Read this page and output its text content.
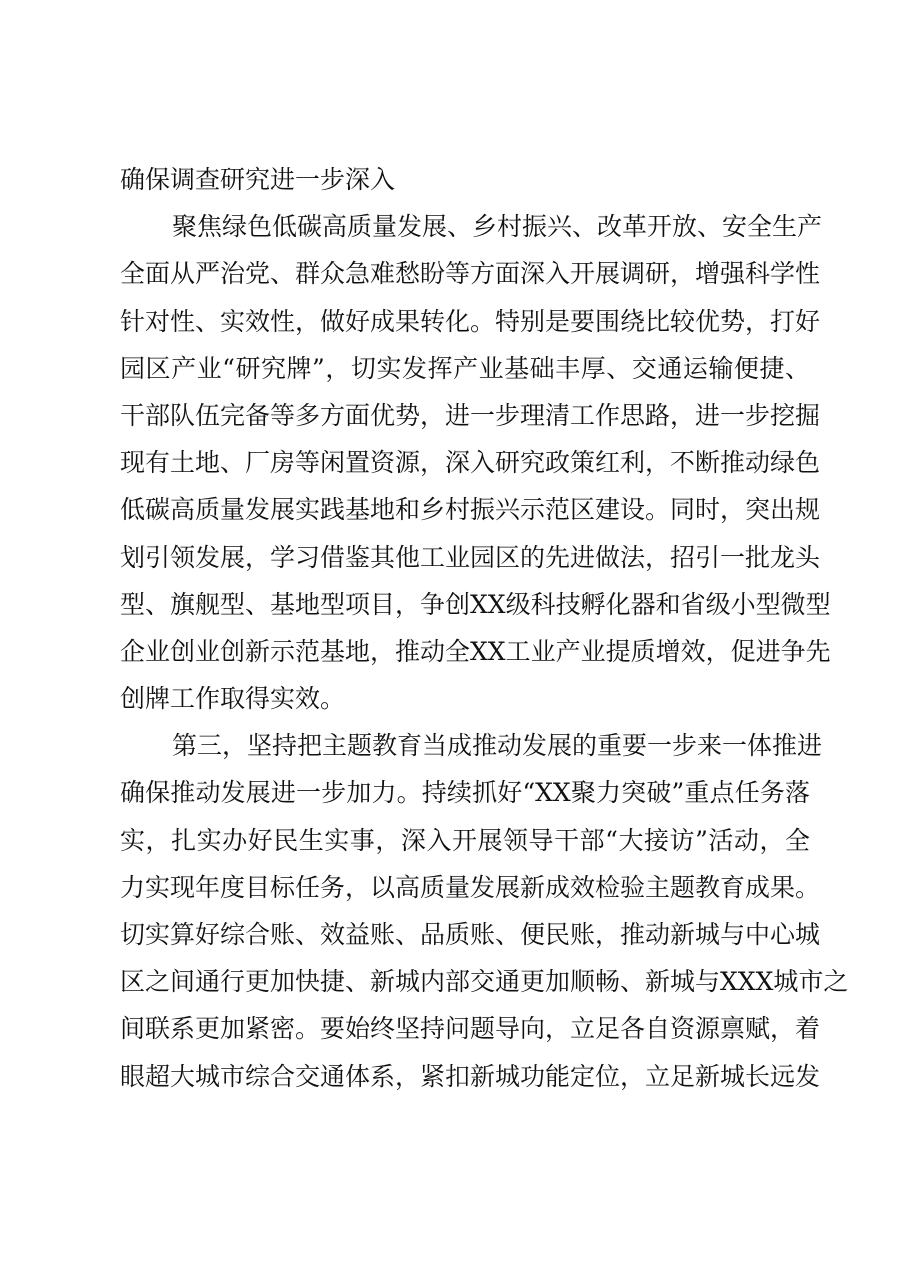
确保调查研究进一步深入
聚焦绿色低碳高质量发展、乡村振兴、改革开放、安全生产
全面从严治党、群众急难愁盼等方面深入开展调研，增强科学性
针对性、实效性，做好成果转化。特别是要围绕比较优势，打好
园区产业“研究牌”，切实发挥产业基础丰厚、交通运输便捷、
干部队伍完备等多方面优势，进一步理清工作思路，进一步挖掘
现有土地、厂房等闲置资源，深入研究政策红利，不断推动绿色
低碳高质量发展实践基地和乡村振兴示范区建设。同时，突出规
划引领发展，学习借鉴其他工业园区的先进做法，招引一批龙头
型、旗舰型、基地型项目，争创XX级科技孵化器和省级小型微型
企业创业创新示范基地，推动全XX工业产业提质增效，促进争先
创牌工作取得实效。
第三，坚持把主题教育当成推动发展的重要一步来一体推进
确保推动发展进一步加力。持续抓好“XX聚力突破”重点任务落
实，扎实办好民生实事，深入开展领导干部“大接访”活动，全
力实现年度目标任务，以高质量发展新成效检验主题教育成果。
切实算好综合账、效益账、品质账、便民账，推动新城与中心城
区之间通行更加快捷、新城内部交通更加顺畅、新城与XXX城市之
间联系更加紧密。要始终坚持问题导向，立足各自资源禀赋，着
眼超大城市综合交通体系，紧扣新城功能定位，立足新城长远发
